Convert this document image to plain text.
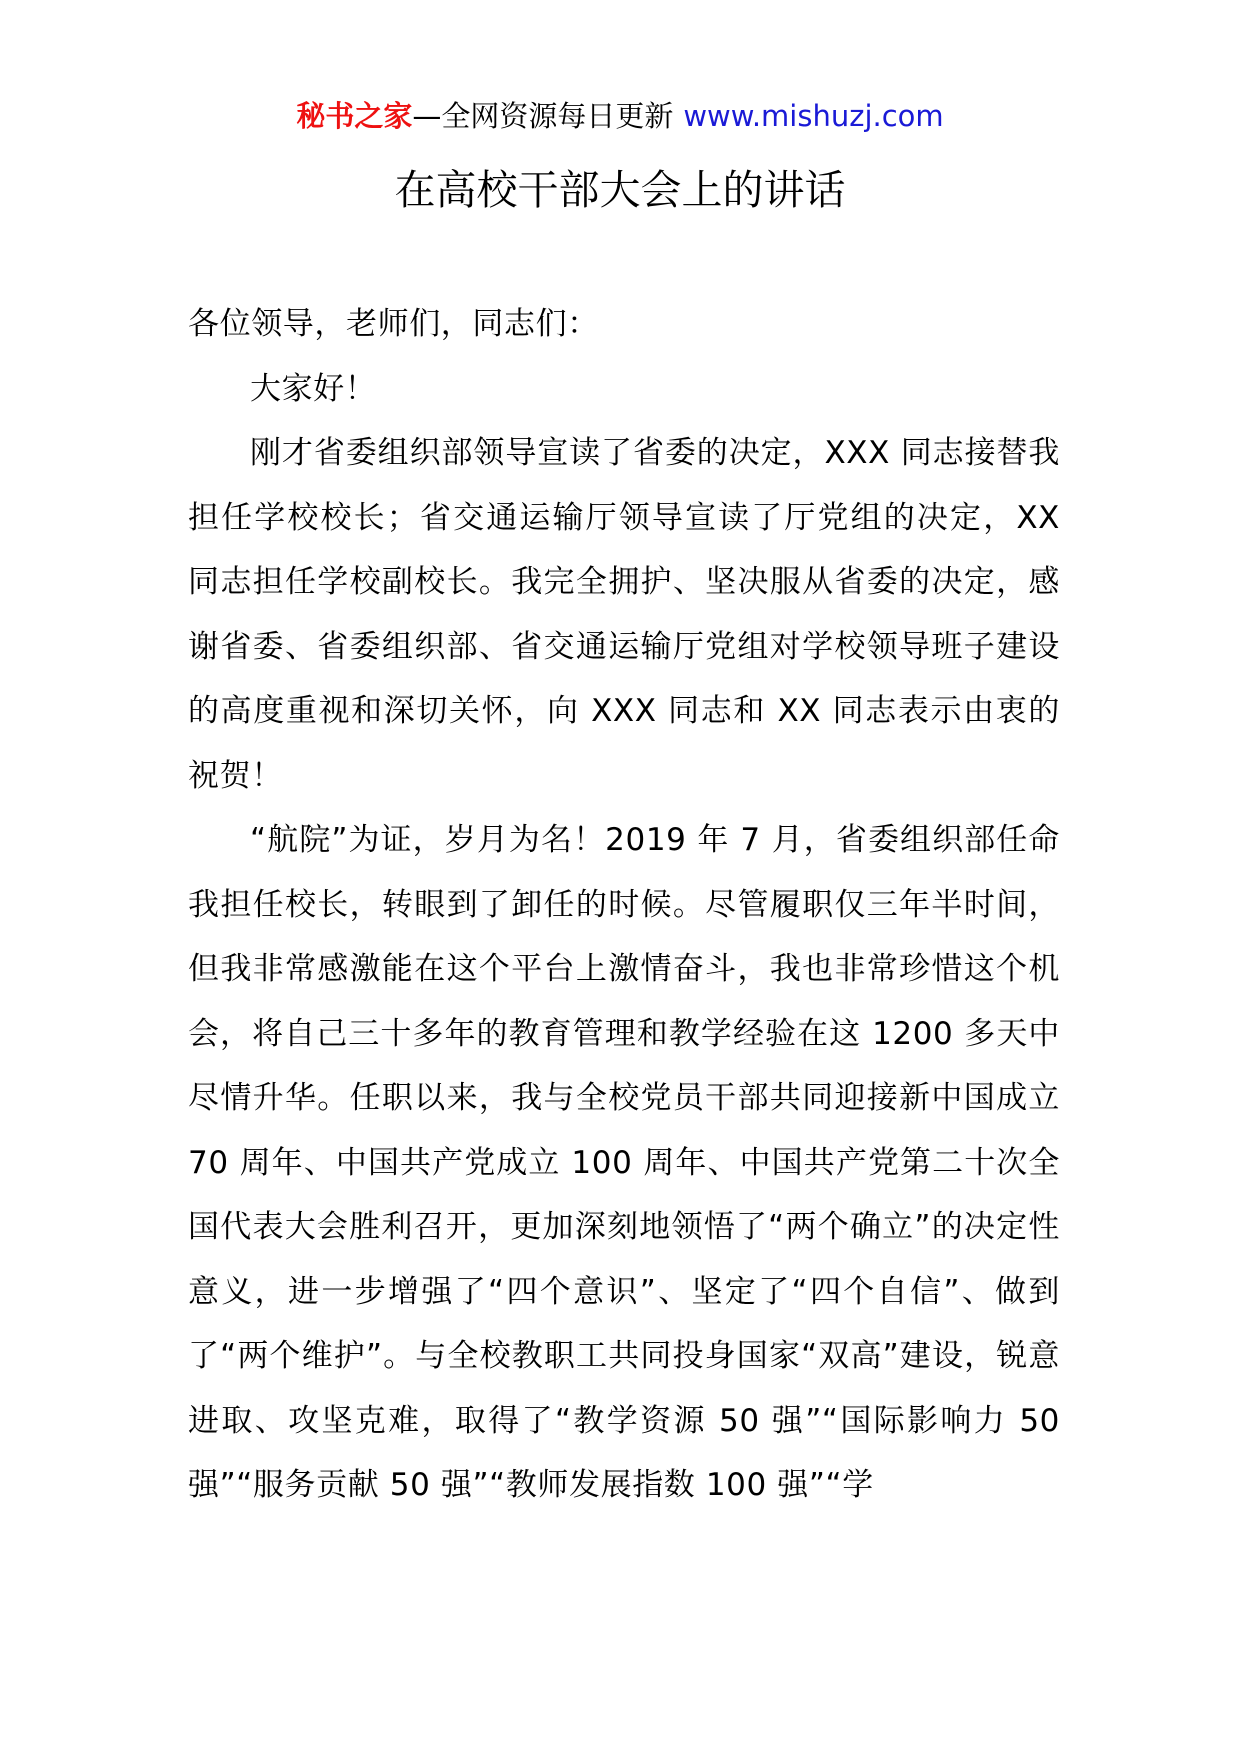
秘书之家—全网资源每日更新 www.mishuzj.com
在高校干部大会上的讲话

各位领导，老师们，同志们：

大家好！

刚才省委组织部领导宣读了省委的决定，XXX 同志接替我担任学校校长；省交通运输厅领导宣读了厅党组的决定，XX 同志担任学校副校长。我完全拥护、坚决服从省委的决定，感谢省委、省委组织部、省交通运输厅党组对学校领导班子建设的高度重视和深切关怀，向 XXX 同志和 XX 同志表示由衷的祝贺！

“航院”为证，岁月为名！2019 年 7 月，省委组织部任命我担任校长，转眼到了卸任的时候。尽管履职仅三年半时间，但我非常感激能在这个平台上激情奋斗，我也非常珍惜这个机会，将自己三十多年的教育管理和教学经验在这 1200 多天中尽情升华。任职以来，我与全校党员干部共同迎接新中国成立 70 周年、中国共产党成立 100 周年、中国共产党第二十次全国代表大会胜利召开，更加深刻地领悟了“两个确立”的决定性意义，进一步增强了“四个意识”、坚定了“四个自信”、做到了“两个维护”。与全校教职工共同投身国家“双高”建设，锐意进取、攻坚克难，取得了“教学资源 50 强”“国际影响力 50 强”“服务贡献 50 强”“教师发展指数 100 强”“学
